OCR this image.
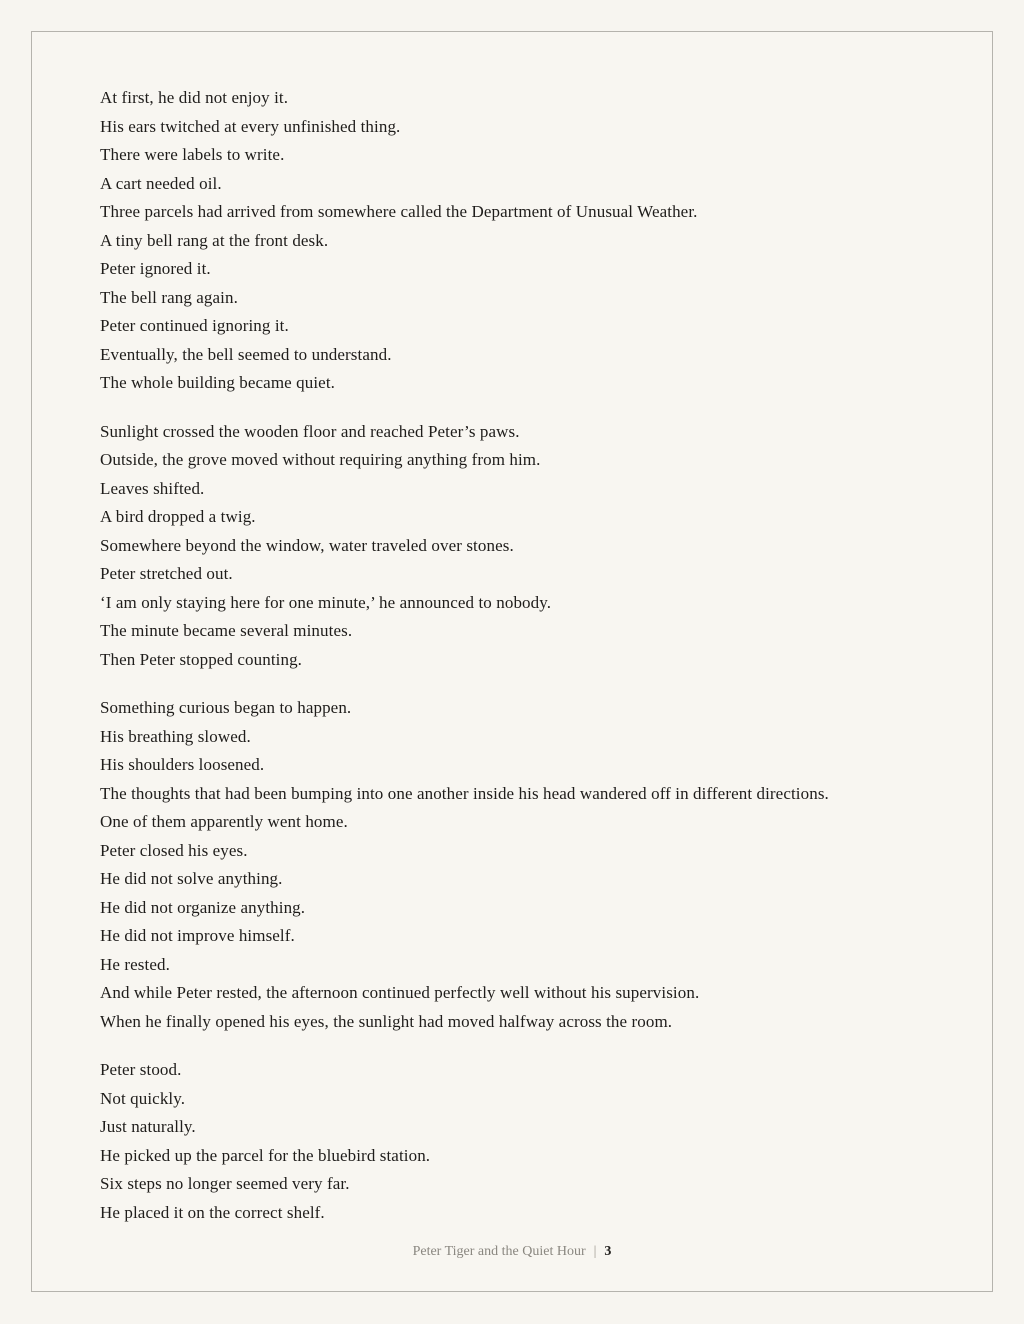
At first, he did not enjoy it.
His ears twitched at every unfinished thing.
There were labels to write.
A cart needed oil.
Three parcels had arrived from somewhere called the Department of Unusual Weather.
A tiny bell rang at the front desk.
Peter ignored it.
The bell rang again.
Peter continued ignoring it.
Eventually, the bell seemed to understand.
The whole building became quiet.
Sunlight crossed the wooden floor and reached Peter’s paws.
Outside, the grove moved without requiring anything from him.
Leaves shifted.
A bird dropped a twig.
Somewhere beyond the window, water traveled over stones.
Peter stretched out.
‘I am only staying here for one minute,’ he announced to nobody.
The minute became several minutes.
Then Peter stopped counting.
Something curious began to happen.
His breathing slowed.
His shoulders loosened.
The thoughts that had been bumping into one another inside his head wandered off in different directions.
One of them apparently went home.
Peter closed his eyes.
He did not solve anything.
He did not organize anything.
He did not improve himself.
He rested.
And while Peter rested, the afternoon continued perfectly well without his supervision.
When he finally opened his eyes, the sunlight had moved halfway across the room.
Peter stood.
Not quickly.
Just naturally.
He picked up the parcel for the bluebird station.
Six steps no longer seemed very far.
He placed it on the correct shelf.
Peter Tiger and the Quiet Hour | 3
